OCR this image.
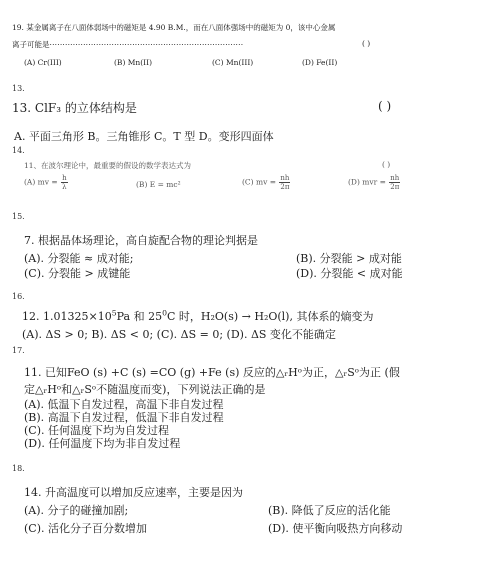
19. 某金属离子在八面体弱场中的磁矩是 4.90 B.M.，而在八面体强场中的磁矩为 0，该中心金属
离子可能是···········································································	( )
(A) Cr(III)	(B) Mn(II)	(C) Mn(III)	(D) Fe(II)
13.
13. ClF₃ 的立体结构是	( )
A. 平面三角形 B。三角锥形 C。T 型 D。变形四面体
14.
11、在波尔理论中，最重要的假设的数学表达式为	( )
(A) mv = $\frac{h}{\lambda}$	(B) E = mc²	(C) mv = $\frac{nh}{2\pi}$	(D) mvr = $\frac{nh}{2\pi}$
15.
7. 根据晶体场理论，高自旋配合物的理论判据是
(A). 分裂能 ≈ 成对能;	(B). 分裂能 > 成对能
(C). 分裂能 > 成键能	(D). 分裂能 < 成对能
16.
12. $1.01325\times 10^5Pa$ 和 $25^0C$ 时，H₂O(s) → H₂O(l), 其体系的熵变为
(A). ΔS > 0; B). ΔS < 0; (C). ΔS = 0; (D). ΔS 变化不能确定
17.
11. 已知FeO (s) +C (s) =CO (g) +Fe (s) 反应的△ᵣHᵒ为正，△ᵣSᵒ为正 (假
定△ᵣHᵒ和△ᵣSᵒ不随温度而变)，下列说法正确的是
(A). 低温下自发过程，高温下非自发过程
(B). 高温下自发过程，低温下非自发过程
(C). 任何温度下均为自发过程
(D). 任何温度下均为非自发过程
18.
14. 升高温度可以增加反应速率，主要是因为
(A). 分子的碰撞加剧;	(B). 降低了反应的活化能
(C). 活化分子百分数增加	(D). 使平衡向吸热方向移动
